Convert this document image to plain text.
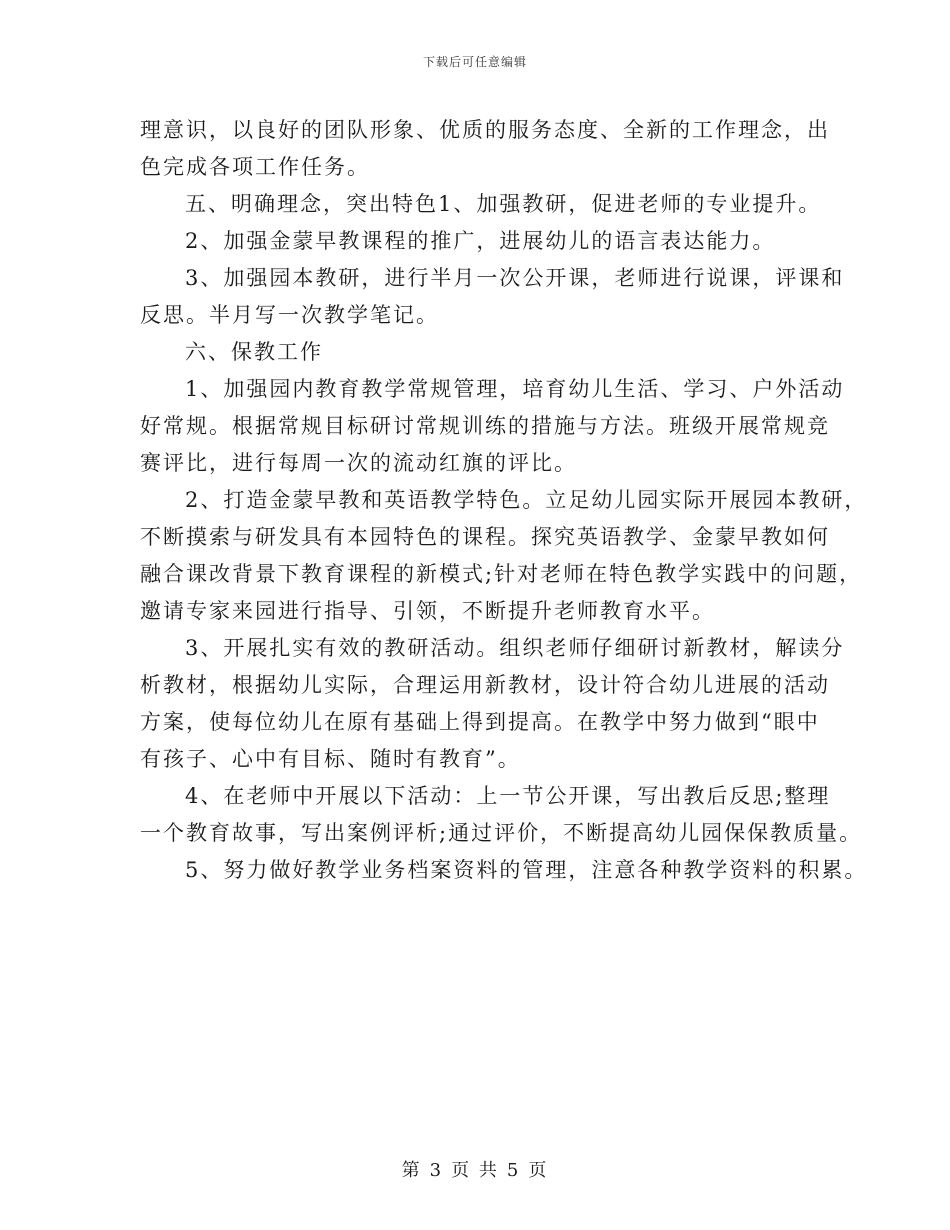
下载后可任意编辑
理意识，以良好的团队形象、优质的服务态度、全新的工作理念，出
色完成各项工作任务。
五、明确理念，突出特色1、加强教研，促进老师的专业提升。
2、加强金蒙早教课程的推广，进展幼儿的语言表达能力。
3、加强园本教研，进行半月一次公开课，老师进行说课，评课和
反思。半月写一次教学笔记。
六、保教工作
1、加强园内教育教学常规管理，培育幼儿生活、学习、户外活动
好常规。根据常规目标研讨常规训练的措施与方法。班级开展常规竞
赛评比，进行每周一次的流动红旗的评比。
2、打造金蒙早教和英语教学特色。立足幼儿园实际开展园本教研，
不断摸索与研发具有本园特色的课程。探究英语教学、金蒙早教如何
融合课改背景下教育课程的新模式;针对老师在特色教学实践中的问题，
邀请专家来园进行指导、引领，不断提升老师教育水平。
3、开展扎实有效的教研活动。组织老师仔细研讨新教材，解读分
析教材，根据幼儿实际，合理运用新教材，设计符合幼儿进展的活动
方案，使每位幼儿在原有基础上得到提高。在教学中努力做到“眼中
有孩子、心中有目标、随时有教育”。
4、在老师中开展以下活动：上一节公开课，写出教后反思;整理
一个教育故事，写出案例评析;通过评价，不断提高幼儿园保保教质量。
5、努力做好教学业务档案资料的管理，注意各种教学资料的积累。
第 3 页 共 5 页
